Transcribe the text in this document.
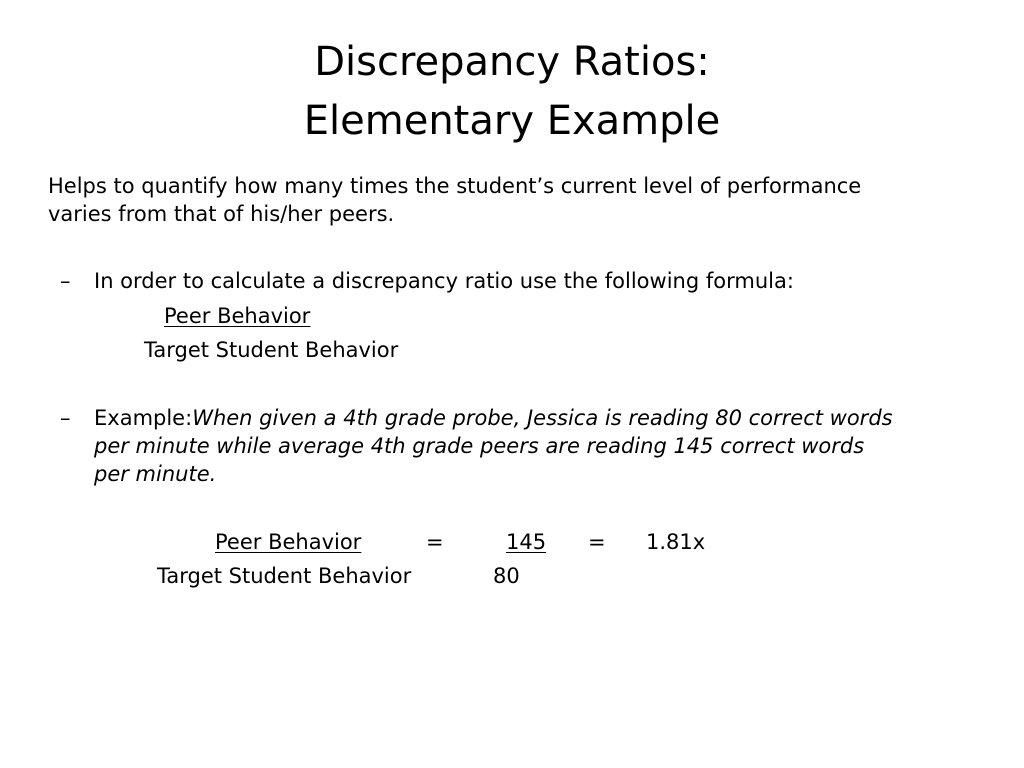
Discrepancy Ratios:
Elementary Example
Helps to quantify how many times the student’s current level of performance
varies from that of his/her peers.
– In order to calculate a discrepancy ratio use the following formula:
Peer Behavior
Target Student Behavior
– Example:When given a 4th grade probe, Jessica is reading 80 correct words
per minute while average 4th grade peers are reading 145 correct words
per minute.
Peer Behavior	=	145 = 1.81x
Target Student Behavior	80
